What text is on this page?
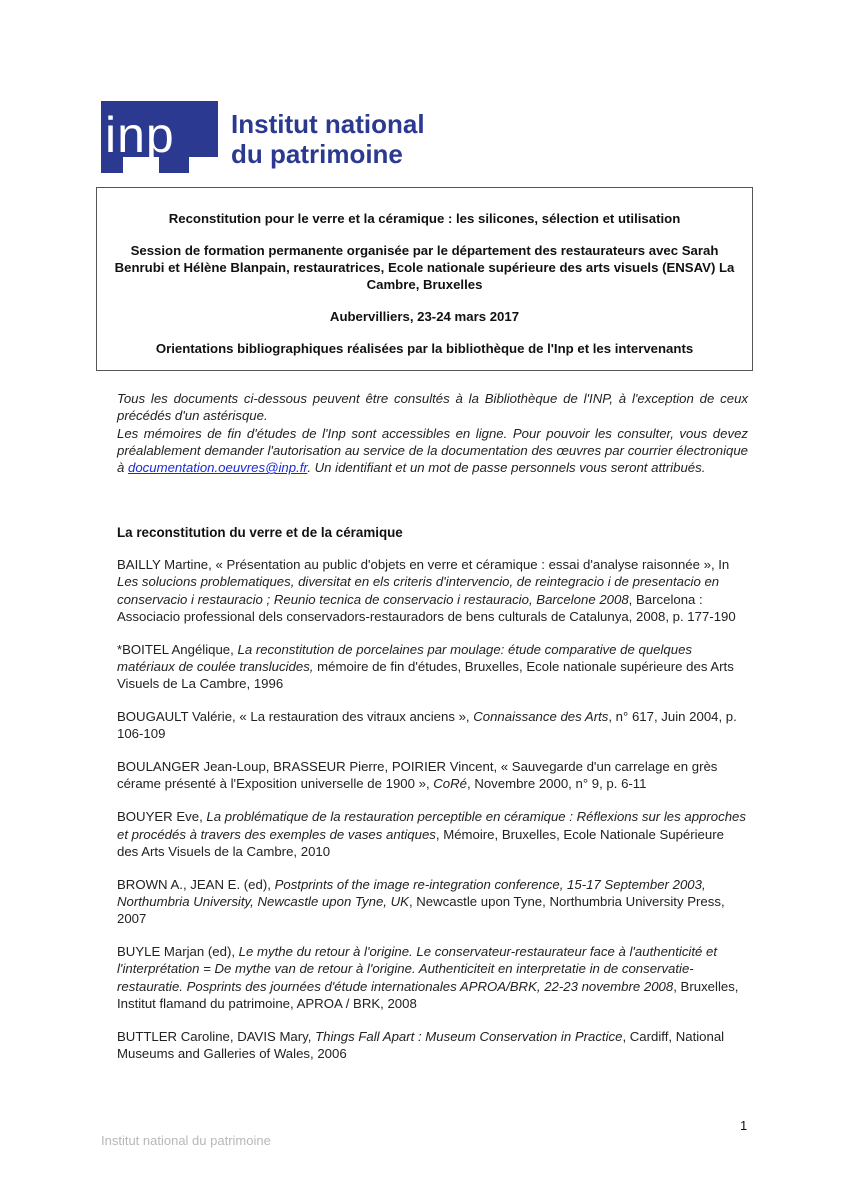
inp Institut national
du patrimoine

Reconstitution pour le verre et la céramique : les silicones, sélection et utilisation

Session de formation permanente organisée par le département des restaurateurs avec Sarah Benrubi et Hélène Blanpain, restauratrices, Ecole nationale supérieure des arts visuels (ENSAV) La Cambre, Bruxelles

Aubervilliers, 23-24 mars 2017

Orientations bibliographiques réalisées par la bibliothèque de l'Inp et les intervenants

Tous les documents ci-dessous peuvent être consultés à la Bibliothèque de l'INP, à l'exception de ceux précédés d'un astérisque.

Les mémoires de fin d'études de l'Inp sont accessibles en ligne. Pour pouvoir les consulter, vous devez préalablement demander l'autorisation au service de la documentation des œuvres par courrier électronique à documentation.oeuvres@inp.fr. Un identifiant et un mot de passe personnels vous seront attribués.

La reconstitution du verre et de la céramique

BAILLY Martine, « Présentation au public d'objets en verre et céramique : essai d'analyse raisonnée », In Les solucions problematiques, diversitat en els criteris d'intervencio, de reintegracio i de presentacio en conservacio i restauracio ; Reunio tecnica de conservacio i restauracio, Barcelone 2008, Barcelona : Associacio professional dels conservadors-restauradors de bens culturals de Catalunya, 2008, p. 177-190

*BOITEL Angélique, La reconstitution de porcelaines par moulage: étude comparative de quelques matériaux de coulée translucides, mémoire de fin d'études, Bruxelles, Ecole nationale supérieure des Arts Visuels de La Cambre, 1996

BOUGAULT Valérie, « La restauration des vitraux anciens », Connaissance des Arts, n° 617, Juin 2004, p. 106-109

BOULANGER Jean-Loup, BRASSEUR Pierre, POIRIER Vincent, « Sauvegarde d'un carrelage en grès cérame présenté à l'Exposition universelle de 1900 », CoRé, Novembre 2000, n° 9, p. 6-11

BOUYER Eve, La problématique de la restauration perceptible en céramique : Réflexions sur les approches et procédés à travers des exemples de vases antiques, Mémoire, Bruxelles, Ecole Nationale Supérieure des Arts Visuels de la Cambre, 2010

BROWN A., JEAN E. (ed), Postprints of the image re-integration conference, 15-17 September 2003, Northumbria University, Newcastle upon Tyne, UK, Newcastle upon Tyne, Northumbria University Press, 2007

BUYLE Marjan (ed), Le mythe du retour à l'origine. Le conservateur-restaurateur face à l'authenticité et l'interprétation = De mythe van de retour à l'origine. Authenticiteit en interpretatie in de conservatie-restauratie. Posprints des journées d'étude internationales APROA/BRK, 22-23 novembre 2008, Bruxelles, Institut flamand du patrimoine, APROA / BRK, 2008

BUTTLER Caroline, DAVIS Mary, Things Fall Apart : Museum Conservation in Practice, Cardiff, National Museums and Galleries of Wales, 2006

1
Institut national du patrimoine
